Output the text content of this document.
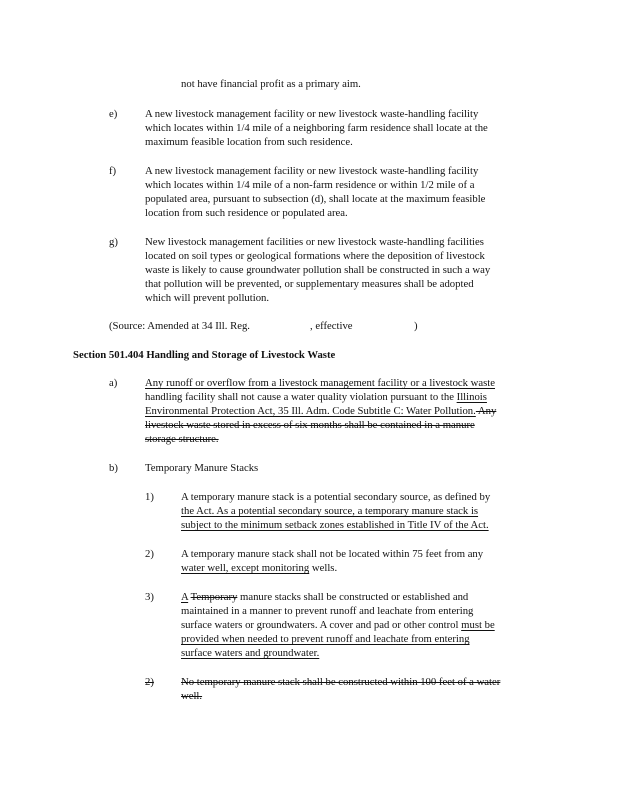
not have financial profit as a primary aim.
e)	A new livestock management facility or new livestock waste-handling facility
which locates within 1/4 mile of a neighboring farm residence shall locate at the
maximum feasible location from such residence.
f)	A new livestock management facility or new livestock waste-handling facility
which locates within 1/4 mile of a non-farm residence or within 1/2 mile of a
populated area, pursuant to subsection (d), shall locate at the maximum feasible
location from such residence or populated area.
g)	New livestock management facilities or new livestock waste-handling facilities
located on soil types or geological formations where the deposition of livestock
waste is likely to cause groundwater pollution shall be constructed in such a way
that pollution will be prevented, or supplementary measures shall be adopted
which will prevent pollution.
(Source: Amended at 34 Ill. Reg.	, effective	)
Section 501.404 Handling and Storage of Livestock Waste
a)	Any runoff or overflow from a livestock management facility or a livestock waste
handling facility shall not cause a water quality violation pursuant to the Illinois
Environmental Protection Act, 35 Ill. Adm. Code Subtitle C: Water Pollution. Any
livestock waste stored in excess of six months shall be contained in a manure
storage structure.
b)	Temporary Manure Stacks
1)	A temporary manure stack is a potential secondary source, as defined by
the Act. As a potential secondary source, a temporary manure stack is
subject to the minimum setback zones established in Title IV of the Act.
2)	A temporary manure stack shall not be located within 75 feet from any
water well, except monitoring wells.
3)	A Temporary manure stacks shall be constructed or established and
maintained in a manner to prevent runoff and leachate from entering
surface waters or groundwaters. A cover and pad or other control must be
provided when needed to prevent runoff and leachate from entering
surface waters and groundwater.
2)	No temporary manure stack shall be constructed within 100 feet of a water
well.
